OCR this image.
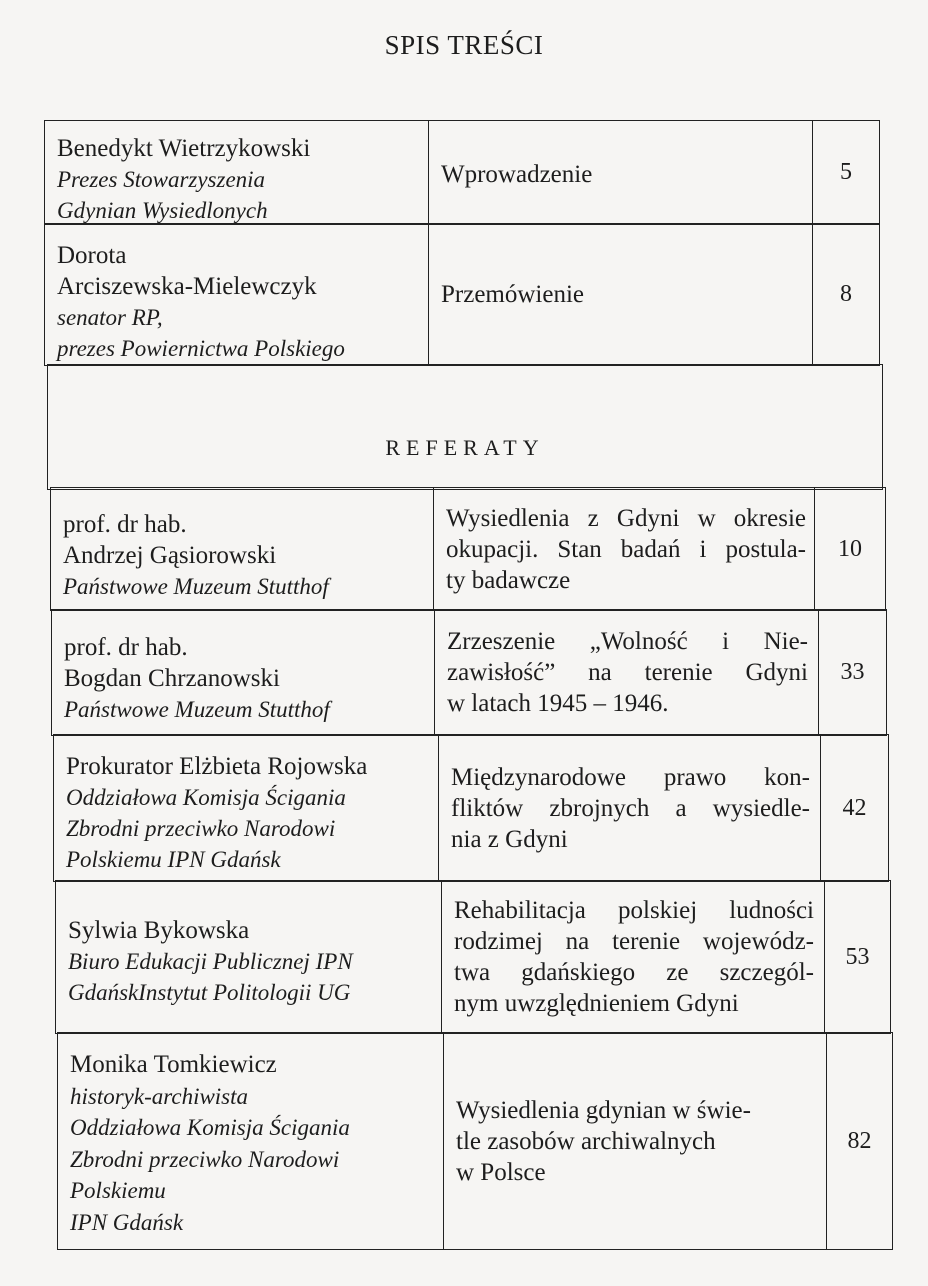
SPIS TREŚCI
Benedykt Wietrzykowski
Prezes Stowarzyszenia
Gdynian Wysiedlonych
Wprowadzenie	5
Dorota
Arciszewska-Mielewczyk
senator RP,
prezes Powiernictwa Polskiego
Przemówienie	8
REFERATY
prof. dr hab.
Andrzej Gąsiorowski
Państwowe Muzeum Stutthof
Wysiedlenia z Gdyni w okresie
okupacji. Stan badań i postula-
ty badawcze
10
prof. dr hab.
Bogdan Chrzanowski
Państwowe Muzeum Stutthof
Zrzeszenie „Wolność i Nie-
zawisłość” na terenie Gdyni
w latach 1945 – 1946.
33
Prokurator Elżbieta Rojowska
Oddziałowa Komisja Ścigania
Zbrodni przeciwko Narodowi
Polskiemu IPN Gdańsk
Międzynarodowe prawo kon-
fliktów zbrojnych a wysiedle-
nia z Gdyni
42
Sylwia Bykowska
Biuro Edukacji Publicznej IPN
GdańskInstytut Politologii UG
Rehabilitacja polskiej ludności
rodzimej na terenie wojewódz-
twa gdańskiego ze szczegól-
nym uwzględnieniem Gdyni
53
Monika Tomkiewicz
historyk-archiwista
Oddziałowa Komisja Ścigania
Zbrodni przeciwko Narodowi
Polskiemu
IPN Gdańsk
Wysiedlenia gdynian w świe-
tle zasobów archiwalnych
w Polsce
82
